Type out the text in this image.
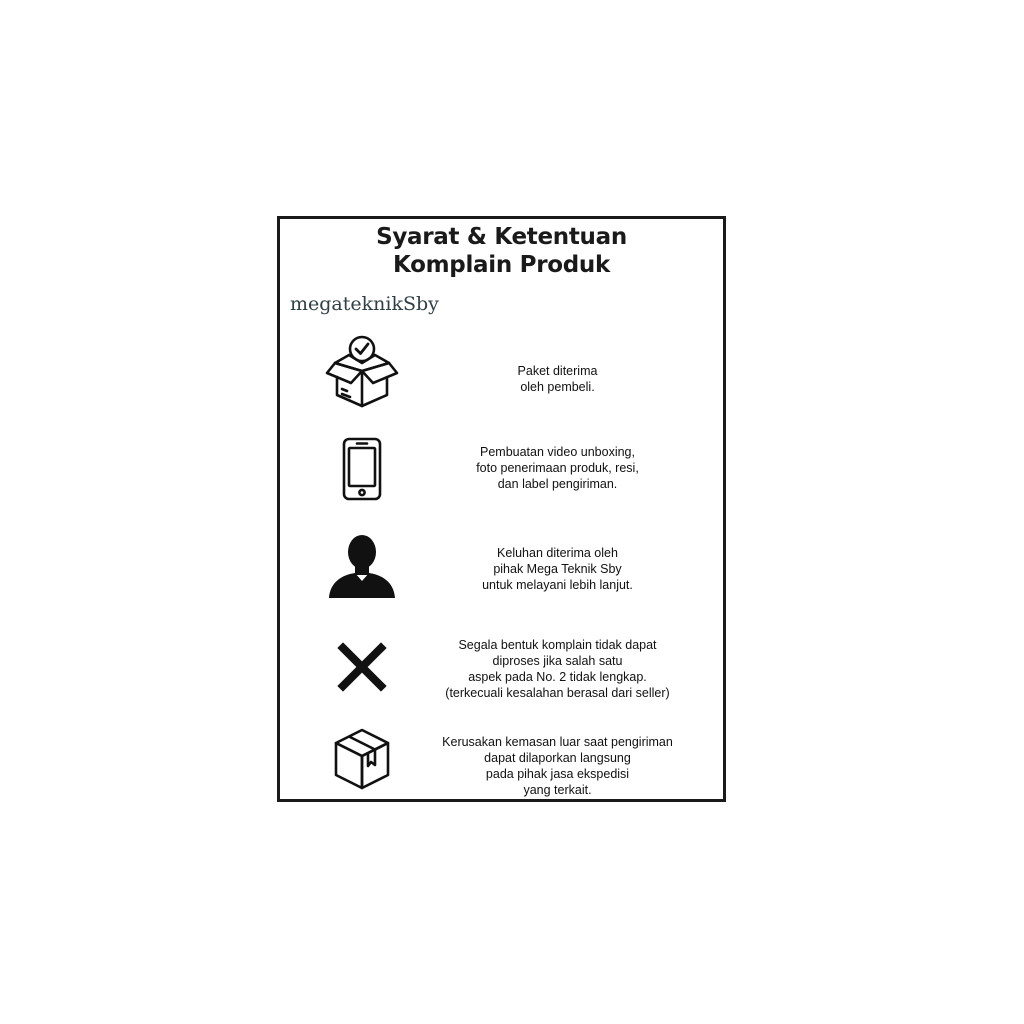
Syarat & Ketentuan
Komplain Produk
megateknikSby
Paket diterima
oleh pembeli.
Pembuatan video unboxing,
foto penerimaan produk, resi,
dan label pengiriman.
Keluhan diterima oleh
pihak Mega Teknik Sby
untuk melayani lebih lanjut.
Segala bentuk komplain tidak dapat
diproses jika salah satu
aspek pada No. 2 tidak lengkap.
(terkecuali kesalahan berasal dari seller)
Kerusakan kemasan luar saat pengiriman
dapat dilaporkan langsung
pada pihak jasa ekspedisi
yang terkait.
